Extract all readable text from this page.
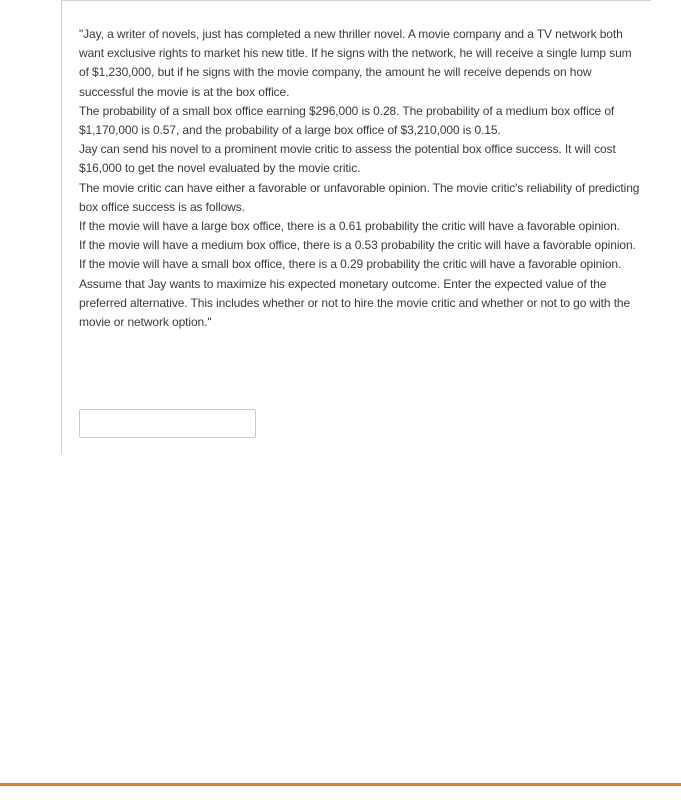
"Jay, a writer of novels, just has completed a new thriller novel. A movie company and a TV network both want exclusive rights to market his new title. If he signs with the network, he will receive a single lump sum of $1,230,000, but if he signs with the movie company, the amount he will receive depends on how successful the movie is at the box office.

The probability of a small box office earning $296,000 is 0.28. The probability of a medium box office of $1,170,000 is 0.57, and the probability of a large box office of $3,210,000 is 0.15.

Jay can send his novel to a prominent movie critic to assess the potential box office success. It will cost $16,000 to get the novel evaluated by the movie critic.

The movie critic can have either a favorable or unfavorable opinion. The movie critic's reliability of predicting box office success is as follows.

If the movie will have a large box office, there is a 0.61 probability the critic will have a favorable opinion.

If the movie will have a medium box office, there is a 0.53 probability the critic will have a favorable opinion.

If the movie will have a small box office, there is a 0.29 probability the critic will have a favorable opinion.

Assume that Jay wants to maximize his expected monetary outcome. Enter the expected value of the preferred alternative. This includes whether or not to hire the movie critic and whether or not to go with the movie or network option."
